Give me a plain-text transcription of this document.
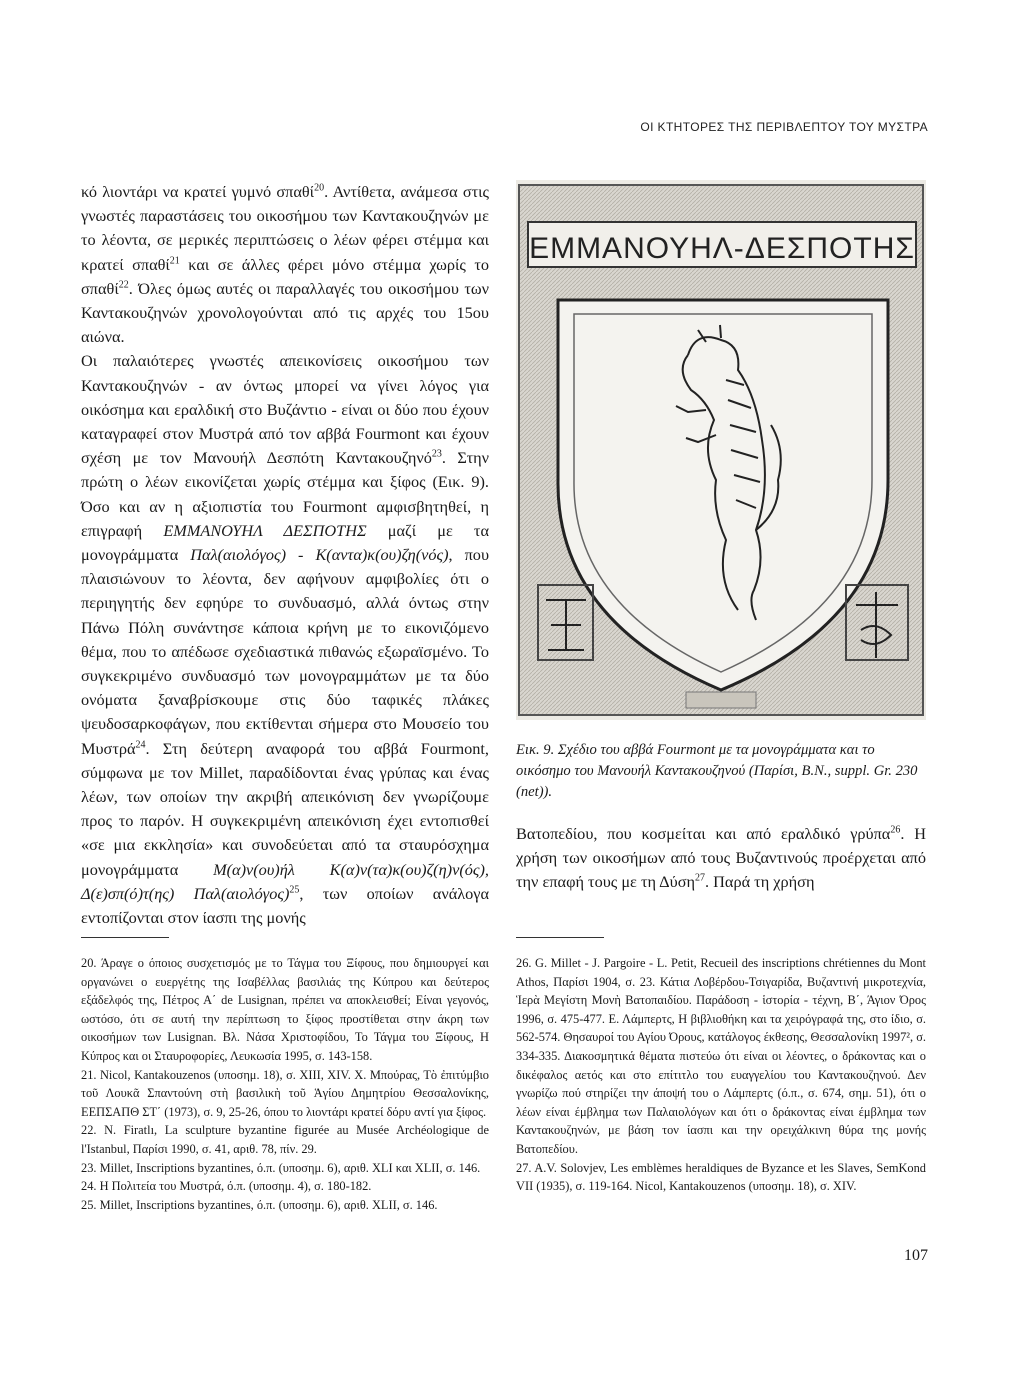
ΟΙ ΚΤΗΤΟΡΕΣ ΤΗΣ ΠΕΡΙΒΛΕΠΤΟΥ ΤΟΥ ΜΥΣΤΡΑ

κό λιοντάρι να κρατεί γυμνό σπαθί$^{20}$. Αντίθετα, ανάμεσα στις γνωστές παραστάσεις του οικοσήμου των Καντακουζηνών με το λέοντα, σε μερικές περιπτώσεις ο λέων φέρει στέμμα και κρατεί σπαθί$^{21}$ και σε άλλες φέρει μόνο στέμμα χωρίς το σπαθί$^{22}$. Όλες όμως αυτές οι παραλλαγές του οικοσήμου των Καντακουζηνών χρονολογούνται από τις αρχές του 15ου αιώνα.

Οι παλαιότερες γνωστές απεικονίσεις οικοσήμου των Καντακουζηνών - αν όντως μπορεί να γίνει λόγος για οικόσημα και εραλδική στο Βυζάντιο - είναι οι δύο που έχουν καταγραφεί στον Μυστρά από τον αββά Fourmont και έχουν σχέση με τον Μανουήλ Δεσπότη Καντακουζηνό$^{23}$. Στην πρώτη ο λέων εικονίζεται χωρίς στέμμα και ξίφος (Εικ. 9). Όσο και αν η αξιοπιστία του Fourmont αμφισβητηθεί, η επιγραφή ΕΜΜΑΝΟΥΗΛ ΔΕΣΠΟΤΗΣ μαζί με τα μονογράμματα Παλ(αιολόγος) - Κ(αντα)κ(ου)ζη(νός), που πλαισιώνουν το λέοντα, δεν αφήνουν αμφιβολίες ότι ο περιηγητής δεν εφηύρε το συνδυασμό, αλλά όντως στην Πάνω Πόλη συνάντησε κάποια κρήνη με το εικονιζόμενο θέμα, που το απέδωσε σχεδιαστικά πιθανώς εξωραϊσμένο. Το συγκεκριμένο συνδυασμό των μονογραμμάτων με τα δύο ονόματα ξαναβρίσκουμε στις δύο ταφικές πλάκες ψευδοσαρκοφάγων, που εκτίθενται σήμερα στο Μουσείο του Μυστρά$^{24}$. Στη δεύτερη αναφορά του αββά Fourmont, σύμφωνα με τον Millet, παραδίδονται ένας γρύπας και ένας λέων, των οποίων την ακριβή απεικόνιση δεν γνωρίζουμε προς το παρόν. Η συγκεκριμένη απεικόνιση έχει εντοπισθεί «σε μια εκκλησία» και συνοδεύεται από τα σταυρόσχημα μονογράμματα Μ(α)ν(ου)ήλ Κ(α)ν(τα)κ(ου)ζ(η)ν(ός), Δ(ε)σπ(ό)τ(ης) $\Pi\alpha\lambda(\alpha\iota o\lambda ό\gamma o\varsigma)^{25}$, των οποίων ανάλογα εντοπίζονται στον ίασπι της μονής

ΕΜΜΑΝΟΥΗΛ-ΔΕΣΠΟΤΗΣ
Εικ. 9. Σχέδιο του αββά Fourmont με τα μονογράμματα και το οικόσημο του Μανουήλ Καντακουζηνού (Παρίσι, Β.Ν., suppl. Gr. 230 (net)).

Βατοπεδίου, που κοσμείται και από εραλδικό γρύπα$^{26}$. Η χρήση των οικοσήμων από τους Βυζαντινούς προέρχεται από την επαφή τους με τη Δύση$^{27}$. Παρά τη χρήση

20. Άραγε ο όποιος συσχετισμός με το Τάγμα του Ξίφους, που δημιουργεί και οργανώνει ο ευεργέτης της Ισαβέλλας βασιλιάς της Κύπρου και δεύτερος εξάδελφός της, Πέτρος Α΄ de Lusignan, πρέπει να αποκλεισθεί; Είναι γεγονός, ωστόσο, ότι σε αυτή την περίπτωση το ξίφος προστίθεται στην άκρη των οικοσήμων των Lusignan. Βλ. Νάσα Χριστοφίδου, Το Τάγμα του Ξίφους, Η Κύπρος και οι Σταυροφορίες, Λευκωσία 1995, σ. 143-158.

21. Nicol, Kantakouzenos (υποσημ. 18), σ. XIII, XIV. Χ. Μπούρας, Τὸ ἐπιτύμβιο τοῦ Λουκᾶ Σπαντούνη στὴ βασιλικὴ τοῦ Ἁγίου Δημητρίου Θεσσαλονίκης, ΕΕΠΣΑΠΘ ΣΤ΄ (1973), σ. 9, 25-26, όπου το λιοντάρι κρατεί δόρυ αντί για ξίφος.

22. N. Firatlı, La sculpture byzantine figurée au Musée Archéologique de l'Istanbul, Παρίσι 1990, σ. 41, αριθ. 78, πίν. 29.

23. Millet, Inscriptions byzantines, ό.π. (υποσημ. 6), αριθ. XLI και XLII, σ. 146.

24. Η Πολιτεία του Μυστρά, ό.π. (υποσημ. 4), σ. 180-182.

25. Millet, Inscriptions byzantines, ό.π. (υποσημ. 6), αριθ. XLII, σ. 146.

26. G. Millet - J. Pargoire - L. Petit, Recueil des inscriptions chrétiennes du Mont Athos, Παρίσι 1904, σ. 23. Κάτια Λοβέρδου-Τσιγαρίδα, Βυζαντινή μικροτεχνία, Ἱερὰ Μεγίστη Μονὴ Βατοπαιδίου. Παράδοση - ἱστορία - τέχνη, Β΄, Άγιον Όρος 1996, σ. 475-477. Ε. Λάμπερτς, Η βιβλιοθήκη και τα χειρόγραφά της, στο ίδιο, σ. 562-574. Θησαυροί του Αγίου Όρους, κατάλογος έκθεσης, Θεσσαλονίκη 1997², σ. 334-335. Διακοσμητικά θέματα πιστεύω ότι είναι οι λέοντες, ο δράκοντας και ο δικέφαλος αετός και στο επίτιτλο του ευαγγελίου του Καντακουζηνού. Δεν γνωρίζω πού στηρίζει την άποψή του ο Λάμπερτς (ό.π., σ. 674, σημ. 51), ότι ο λέων είναι έμβλημα των Παλαιολόγων και ότι ο δράκοντας είναι έμβλημα των Καντακουζηνών, με βάση τον ίασπι και την ορειχάλκινη θύρα της μονής Βατοπεδίου.

27. A.V. Solovjev, Les emblèmes heraldiques de Byzance et les Slaves, SemKond VII (1935), σ. 119-164. Nicol, Kantakouzenos (υποσημ. 18), σ. XIV.

107
